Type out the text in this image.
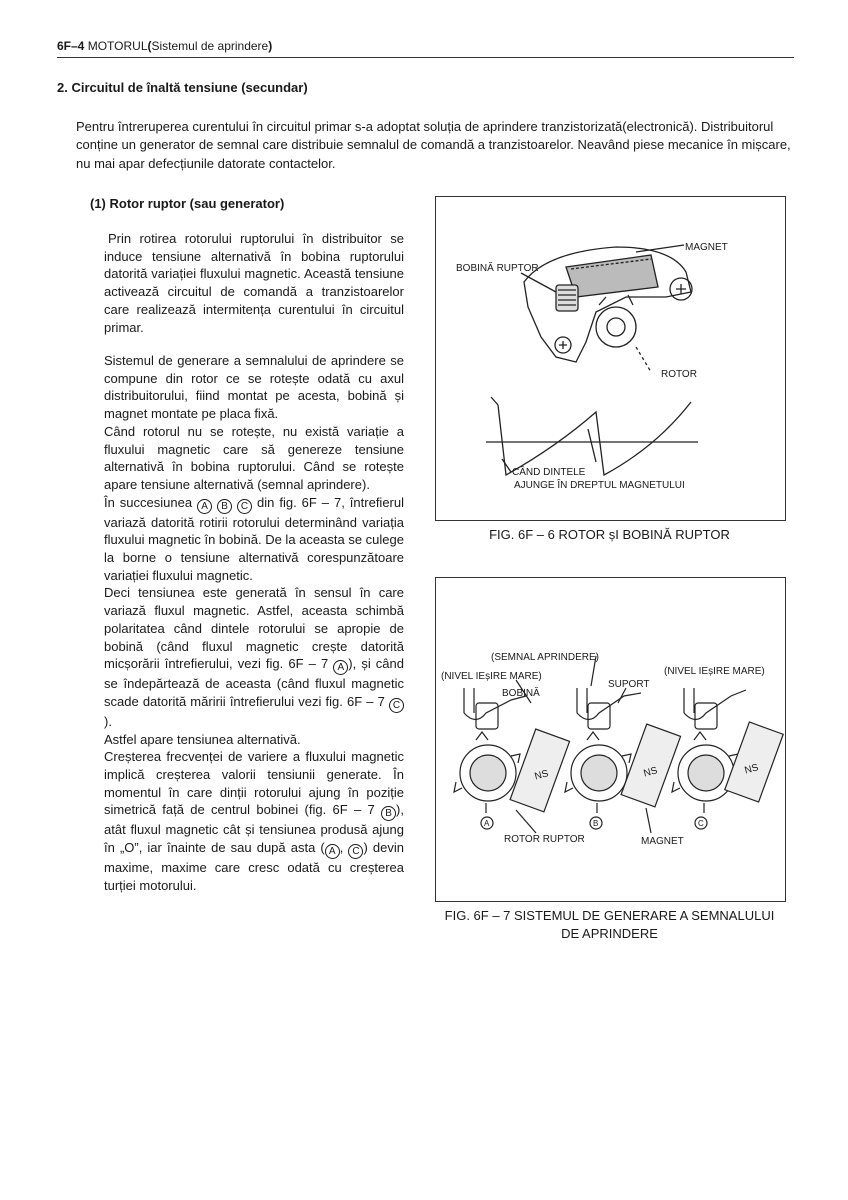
6F–4 MOTORUL(Sistemul de aprindere)
2. Circuitul de înaltă tensiune (secundar)
Pentru întreruperea curentului în circuitul primar s-a adoptat soluția de aprindere tranzistorizată(electronică). Distribuitorul conține un generator de semnal care distribuie semnalul de comandă a tranzistoarelor. Neavând piese mecanice în mișcare, nu mai apar defecțiunile datorate contactelor.
(1) Rotor ruptor (sau generator)

Prin rotirea rotorului ruptorului în distribuitor se induce tensiune alternativă în bobina ruptorului datorită variației fluxului magnetic. Această tensiune activează circuitul de comandă a tranzistoarelor care realizează intermitența curentului în circuitul primar.

Sistemul de generare a semnalului de aprindere se compune din rotor ce se rotește odată cu axul distribuitorului, fiind montat pe acesta, bobină și magnet montate pe placa fixă.

Când rotorul nu se rotește, nu există variație a fluxului magnetic care să genereze tensiune alternativă în bobina ruptorului. Când se rotește apare tensiune alternativă (semnal aprindere).

În succesiunea A B C din fig. 6F – 7, întrefierul variază datorită rotirii rotorului determinând variația fluxului magnetic în bobină. De la aceasta se culege la borne o tensiune alternativă corespunzătoare variației fluxului magnetic.

Deci tensiunea este generată în sensul în care variază fluxul magnetic. Astfel, aceasta schimbă polaritatea când dintele rotorului se apropie de bobină (când fluxul magnetic crește datorită micșorării întrefierului, vezi fig. 6F – 7 A ), și când se îndepărtează de aceasta (când fluxul magnetic scade datorită măririi întrefierului vezi fig. 6F – 7 C).

Astfel apare tensiunea alternativă.

Creșterea frecvenței de variere a fluxului magnetic implică creșterea valorii tensiunii generate. În momentul în care dinții rotorului ajung în poziție simetrică față de centrul bobinei (fig. 6F – 7 B ), atât fluxul magnetic cât și tensiunea produsă ajung în „O”, iar înainte de sau după asta ( A , C ) devin maxime, maxime care cresc odată cu creșterea turției motorului.

MAGNET
BOBINĂ RUPTOR
ROTOR
CÂND DINTELE
AJUNGE ÎN DREPTUL MAGNETULUI
FIG. 6F – 6 ROTOR șI BOBINĂ RUPTOR
(SEMNAL APRINDERE)
(NIVEL IEșIRE MARE)	(NIVEL IEșIRE MARE)
BOBINĂ
SUPORT
NS	NS	NS
A	B	C
ROTOR RUPTOR	MAGNET
FIG. 6F – 7 SISTEMUL DE GENERARE A SEMNALULUI DE APRINDERE
